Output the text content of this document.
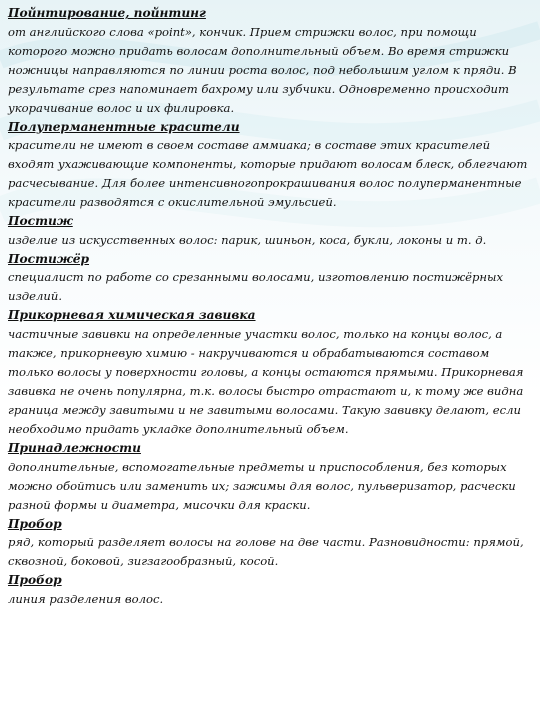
Пойнтирование, пойнтинг

от английского слова «point», кончик. Прием стрижки волос, при помощи которого можно придать волосам дополнительный объем. Во время стрижки ножницы направляются по линии роста волос, под небольшим углом к пряди. В результате срез напоминает бахрому или зубчики. Одновременно происходит укорачивание волос и их филировка.

Полуперманентные красители

красители не имеют в своем составе аммиака; в составе этих красителей входят ухаживающие компоненты, которые придают волосам блеск, облегчают расчесывание. Для более интенсивногопрокрашивания волос полуперманентные красители разводятся с окислительной эмульсией.

Постиж

изделие из искусственных волос: парик, шиньон, коса, букли, локоны и т. д.

Постижёр

специалист по работе со срезанными волосами, изготовлению постижёрных изделий.

Прикорневая химическая завивка

частичные завивки на определенные участки волос, только на концы волос, а также, прикорневую химию - накручиваются и обрабатываются составом только волосы у поверхности головы, а концы остаются прямыми. Прикорневая завивка не очень популярна, т.к. волосы быстро отрастают и, к тому же видна граница между завитыми и не завитыми волосами. Такую завивку делают, если необходимо придать укладке дополнительный объем.

Принадлежности

дополнительные, вспомогательные предметы и приспособления, без которых можно обойтись или заменить их; зажимы для волос, пульверизатор, расчески разной формы и диаметра, мисочки для краски.

Пробор

ряд, который разделяет волосы на голове на две части. Разновидности: прямой, сквозной, боковой, зигзагообразный, косой.

Пробор

линия разделения волос.
